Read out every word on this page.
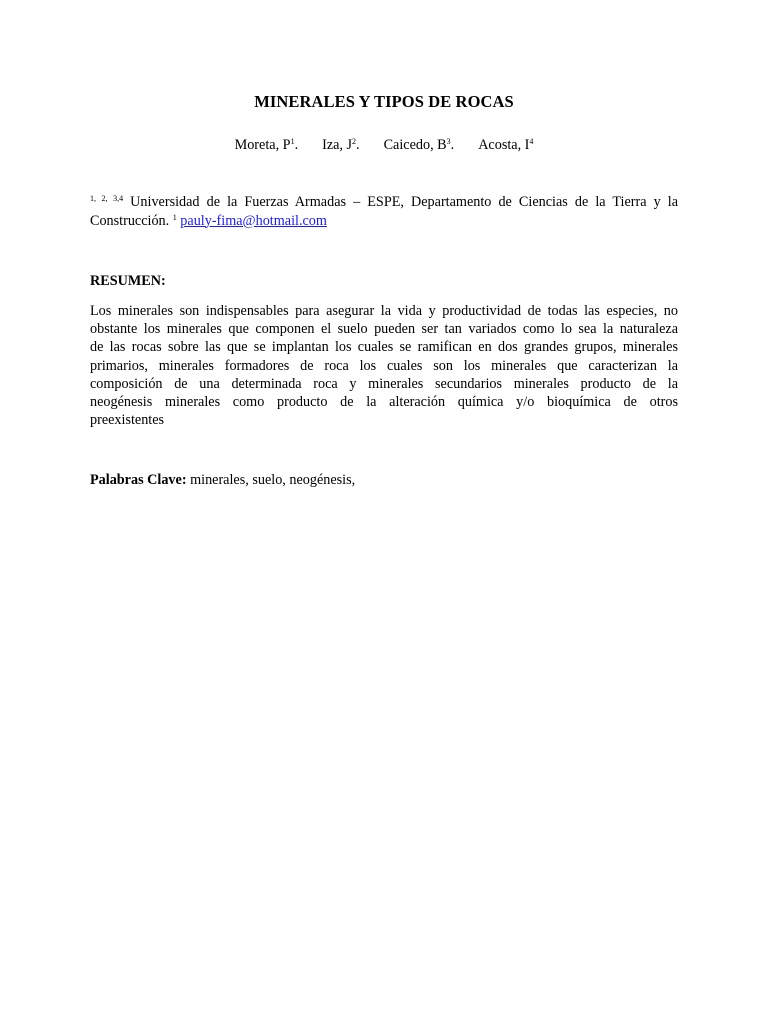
MINERALES Y TIPOS DE ROCAS
Moreta, $P^1$. Iza, $J^2$. Caicedo, $B^3$. Acosta, $I^4$
$^{1, 2, 3,4}$ Universidad de la Fuerzas Armadas – ESPE, Departamento de Ciencias de la Tierra y la Construcción. $^1$ pauly-fima@hotmail.com
RESUMEN:
Los minerales son indispensables para asegurar la vida y productividad de todas las especies, no
obstante los minerales que componen el suelo pueden ser tan variados como lo sea la naturaleza
de las rocas sobre las que se implantan los cuales se ramifican en dos grandes grupos, minerales
primarios, minerales formadores de roca los cuales son los minerales que caracterizan la
composición de una determinada roca y minerales secundarios minerales producto de la
neogénesis minerales como producto de la alteración química y/o bioquímica de otros
preexistentes
Palabras Clave: minerales, suelo, neogénesis,
